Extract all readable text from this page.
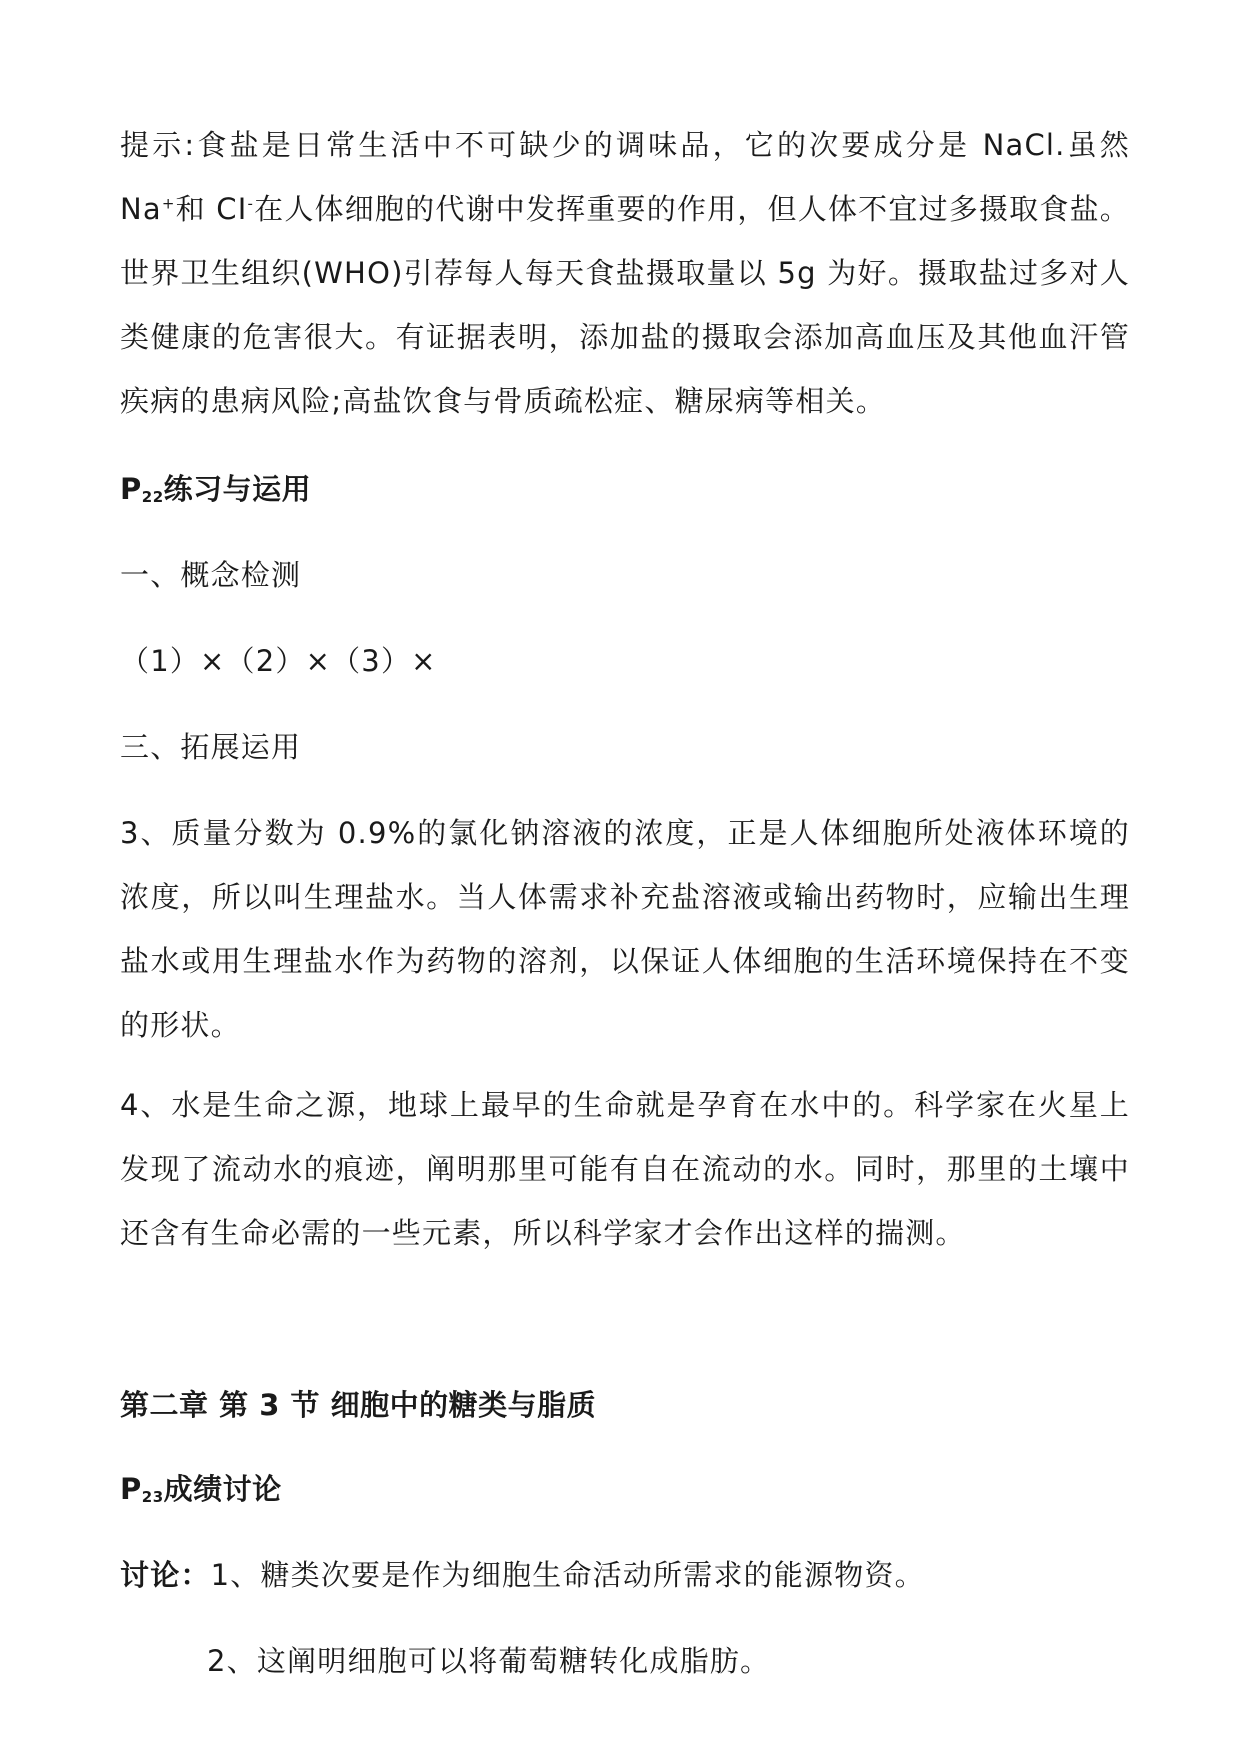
提示:食盐是日常生活中不可缺少的调味品，它的次要成分是 NaCl.虽然 Na+和 CI-在人体细胞的代谢中发挥重要的作用，但人体不宜过多摄取食盐。世界卫生组织(WHO)引荐每人每天食盐摄取量以 5g 为好。摄取盐过多对人类健康的危害很大。有证据表明，添加盐的摄取会添加高血压及其他血汗管疾病的患病风险;高盐饮食与骨质疏松症、糖尿病等相关。

$P_{22}$练习与运用

一、概念检测

（1）×（2）×（3）×

三、拓展运用

3、质量分数为 0.9%的氯化钠溶液的浓度，正是人体细胞所处液体环境的浓度，所以叫生理盐水。当人体需求补充盐溶液或输出药物时，应输出生理盐水或用生理盐水作为药物的溶剂，以保证人体细胞的生活环境保持在不变的形状。

4、水是生命之源，地球上最早的生命就是孕育在水中的。科学家在火星上发现了流动水的痕迹，阐明那里可能有自在流动的水。同时，那里的土壤中还含有生命必需的一些元素，所以科学家才会作出这样的揣测。

第二章 第 3 节 细胞中的糖类与脂质

$P_{23}$成绩讨论

讨论：1、糖类次要是作为细胞生命活动所需求的能源物资。

2、这阐明细胞可以将葡萄糖转化成脂肪。
